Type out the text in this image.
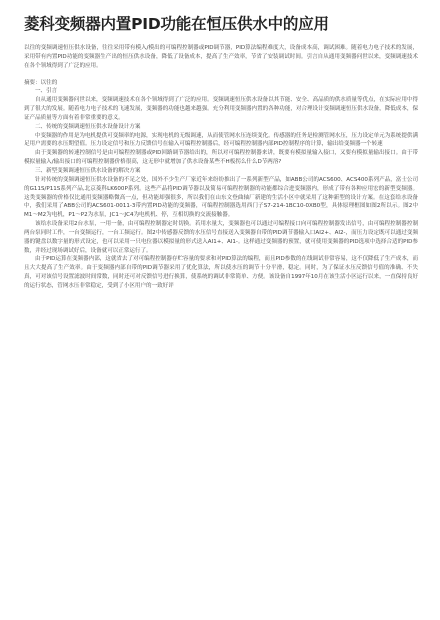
菱科变频器内置PID功能在恒压供水中的应用

以往的变频调速恒压供水设备，往往采用带有模入/模出的可编程控制器或PID调节器，PID算法编程难度大，设备成本高，调试困难。随着电力电子技术的发展，采用带有内置PID功能的变频器生产出的恒压供水设备，降低了设备成本，提高了生产效率，节省了安装调试时间。引言自从通用变频器问世以来，变频调速技术在各个领域得到了广泛的应用。

摘要：以往的

一、引言

自从通用变频器问世以来，变频调速技术在各个领域得到了广泛的应用。变频调速恒压供水设备以其节能、安全、高品质的供水质量等优点，在实际应用中得到了很大的发展。随着电力电子技术的飞速发展，变频器的功能也越来越强。充分利用变频器内置的各种功能，对合理设计变频调速恒压供水设备，降低成本，保证产品质量等方面有着非常重要的意义。

二、传统的变频调速恒压供水设备设计方案

中变频器的作用是为电机提供可变频率的电源，实现电机的无级调速，从而使管网水压连续变化。传感器的任务是检测管网水压，压力设定单元为系统提供满足用户需要的水压期望值。压力设定信号和压力反馈信号在输入可编程控制器后，经可编程控制器内部PID控制程序的计算，输出给变频器一个转速

由于变频器的转速控制信号是由可编程控制器或PID回路调节器给出的，所以对可编程控制器来讲，既要有模拟量输入接口，又要有模拟量输出接口。由于带模拟量输入/输出接口的可编程控制器价格很高，这无形中就增加了供水设备某些不H板拐么什么D节两溶?

三、新型变频调速恒压供水设备的解决方案

针对传统的变频调速恒压供水设备的不足之处，国外不少生产厂家近年来纷纷推出了一系列新型产品，如ABB公司的ACS600、ACS400系列产品，富士公司的G11S/P11S系列产品,北京菱科LK600P系列。这些产品将PID调节器以及简易可编程控制器的功能都综合进变频器内，形成了带有各种应用宏的新型变频器。这类变频器的价格仅比通用变频器略微高一点，但功能却强很多，所以我们在山东文登曲轴厂新建的生活小区中就采用了这种新型的设计方案。在这套给水设备中，我们采用了ABB公司的ACS601-0011-3带内置PID功能的变频器，可编程控制器选用西门子S7-214-1BC10-0XB0型，具体原理框图如图2所以示。图2中M1～M2为电机，P1～P2为水泵，JC1～JC4为电机机、停，互相切换的交流接触器。

该给水设备采用2台水泵，一用一备，由可编程控制器定时切换。若用水量大，变频器也可以通过可编程接口向可编程控制器发出信号，由可编程控制器控制两台泵同时工作，一台变频运行，一台工频运行。图2中传感器反馈的水压信号直接送入变频器自带的PID调节器输入口AI2+、AI2-，而压力设定既可以通过变频器的键盘以数字量的形式设定，也可以采用一只电位器以模拟量的形式送入AI1+、AI1-。这样通过变频器的预置，就可使用变频器的PID选项中选择合适的PID参数，并经过现场调试好后，设备就可以正常运行了。

由于PID运算在变频器内部，这就省去了对可编程控制器存贮容量的要求和对PID算法的编程，而且PID参数的在线调试非常容易，这不仅降低了生产成本，而且大大提高了生产效率。由于变频器内部自带的PID调节器采用了优化算法，所以使水压的调节十分平滑，稳定。同时，为了保证水压反馈信号值的准确、不失真，可对该信号设置滤波时间常数，同时还可对反馈信号进行换算，使系统的调试非常简单、方便。该设备自1997年10月在该生活小区运行以来，一直保持良好的运行状态，管网水压非常稳定，受到了小区用户的一致好评
